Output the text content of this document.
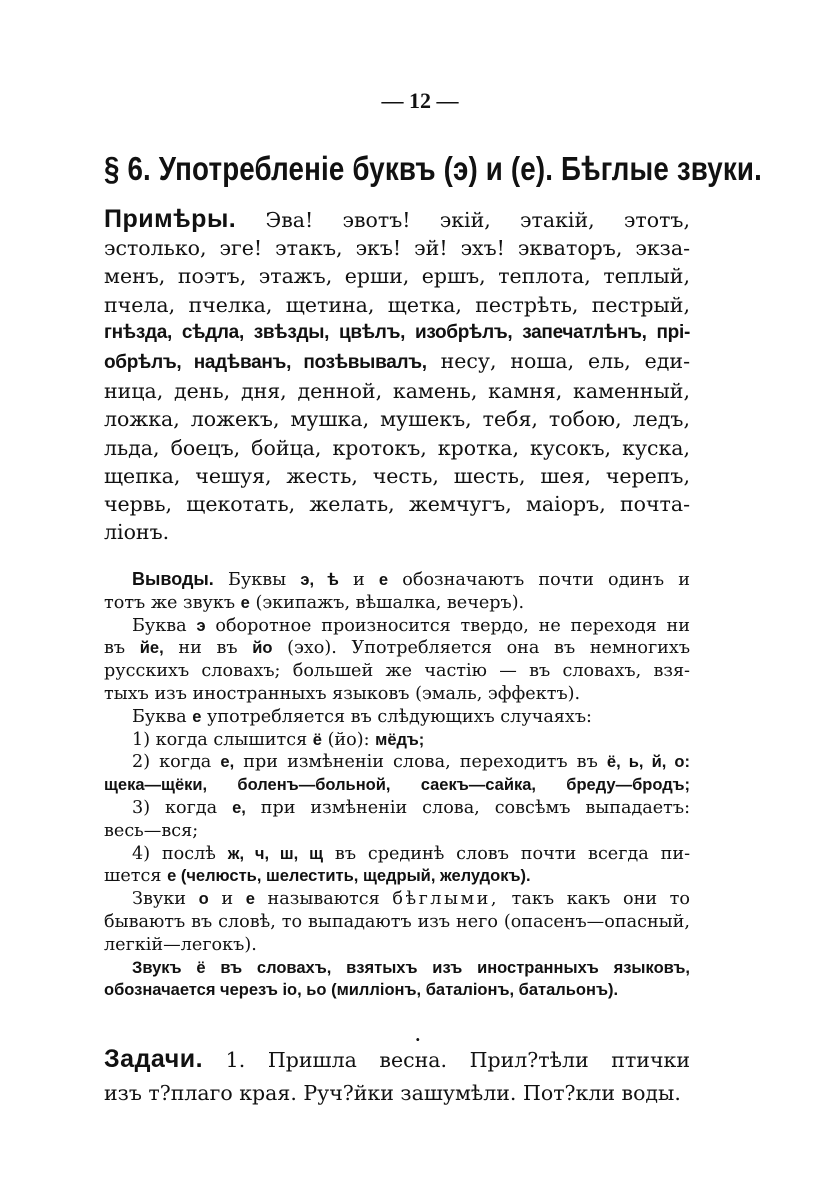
— 12 —
§ 6. Употребленіе буквъ (э) и (е). Бѣглые звуки.
Примѣры. Эва! эвотъ! экій, этакій, этотъ,
эстолько, эге! этакъ, экъ! эй! эхъ! экваторъ, экза-
менъ, поэтъ, этажъ, ерши, ершъ, теплота, теплый,
пчела, пчелка, щетина, щетка, пестрѣть, пестрый,
гнѣзда, сѣдла, звѣзды, цвѣлъ, изобрѣлъ, запечатлѣнъ, прі-
обрѣлъ, надѣванъ, позѣвывалъ, несу, ноша, ель, еди-
ница, день, дня, денной, камень, камня, каменный,
ложка, ложекъ, мушка, мушекъ, тебя, тобою, ледъ,
льда, боецъ, бойца, кротокъ, кротка, кусокъ, куска,
щепка, чешуя, жесть, честь, шесть, шея, черепъ,
червь, щекотать, желать, жемчугъ, маіоръ, почта-
ліонъ.
Выводы. Буквы э, ѣ и е обозначаютъ почти одинъ и
тотъ же звукъ е (экипажъ, вѣшалка, вечеръ).
Буква э оборотное произносится твердо, не переходя ни
въ йе, ни въ йо (эхо). Употребляется она въ немногихъ
русскихъ словахъ; большей же частію — въ словахъ, взя-
тыхъ изъ иностранныхъ языковъ (эмаль, эффектъ).
Буква е употребляется въ слѣдующихъ случаяхъ:
1) когда слышится ё (йо): мёдъ;
2) когда е, при измѣненіи слова, переходитъ въ ё, ь, й, о:
щека—щёки, боленъ—больной, саекъ—сайка, бреду—бродъ;
3) когда е, при измѣненіи слова, совсѣмъ выпадаетъ:
весь—вся;
4) послѣ ж, ч, ш, щ въ срединѣ словъ почти всегда пи-
шется е (челюсть, шелестить, щедрый, желудокъ).
Звуки о и е называются бѣглыми, такъ какъ они то
бываютъ въ словѣ, то выпадаютъ изъ него (опасенъ—опасный,
легкій—легокъ).
Звукъ ё въ словахъ, взятыхъ изъ иностранныхъ языковъ,
обозначается черезъ іо, ьо (милліонъ, баталіонъ, батальонъ).
·
Задачи. 1. Пришла весна. Прил?тѣли птички
изъ т?плаго края. Руч?йки зашумѣли. Пот?кли воды.
